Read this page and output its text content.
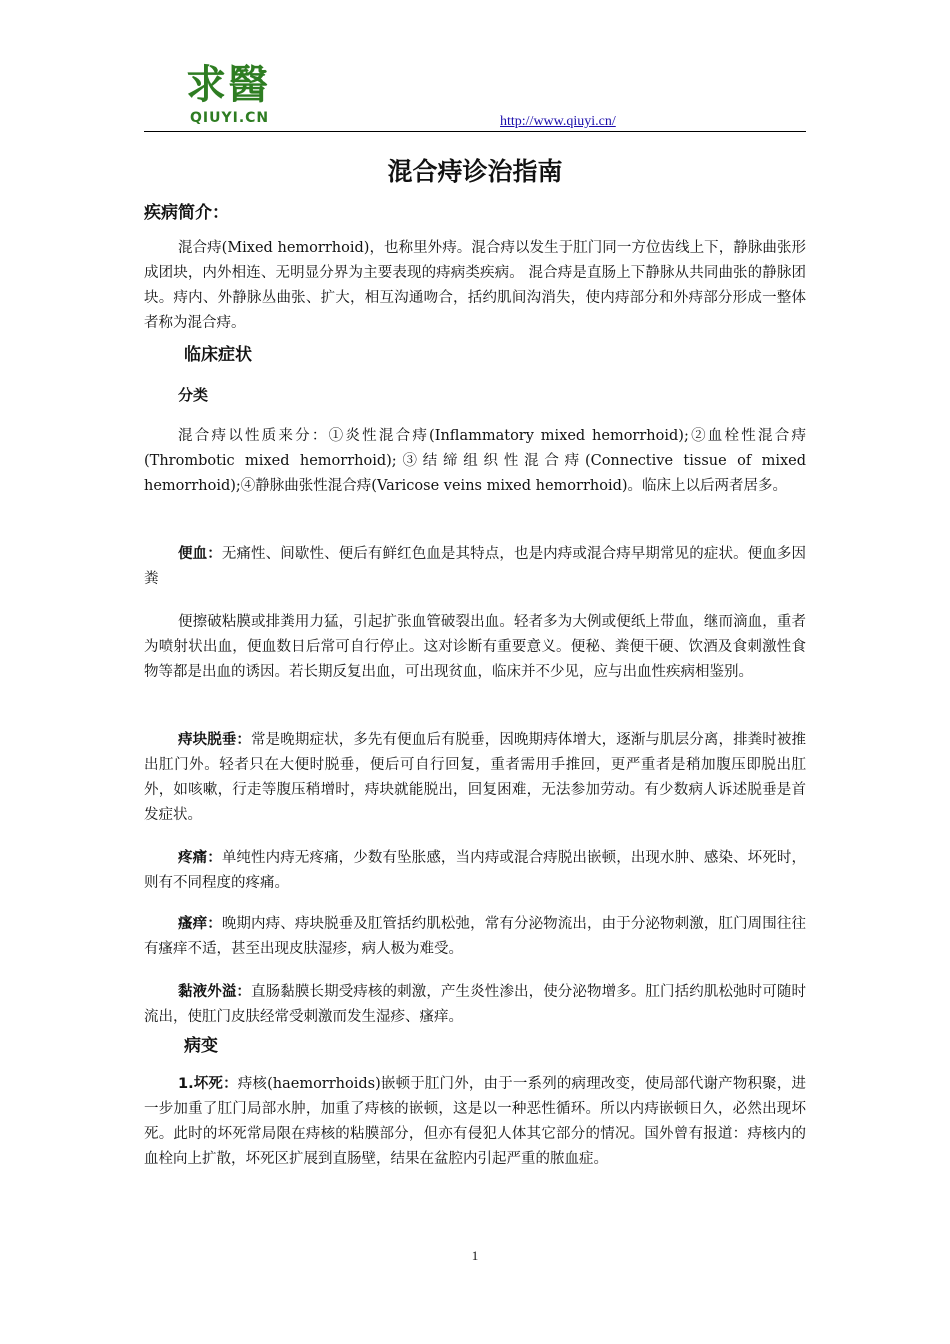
求醫
QIUYI.CN	http://www.qiuyi.cn/
混合痔诊治指南
疾病简介：
混合痔(Mixed hemorrhoid)，也称里外痔。混合痔以发生于肛门同一方位齿线上下，静脉曲张形成团块，内外相连、无明显分界为主要表现的痔病类疾病。 混合痔是直肠上下静脉从共同曲张的静脉团块。痔内、外静脉丛曲张、扩大，相互沟通吻合，括约肌间沟消失，使内痔部分和外痔部分形成一整体者称为混合痔。
临床症状
分类
混合痔以性质来分：①炎性混合痔(Inflammatory mixed hemorrhoid);②血栓性混合痔(Thrombotic mixed hemorrhoid);③结缔组织性混合痔(Connective tissue of mixed hemorrhoid);④静脉曲张性混合痔(Varicose veins mixed hemorrhoid)。临床上以后两者居多。
便血：无痛性、间歇性、便后有鲜红色血是其特点，也是内痔或混合痔早期常见的症状。便血多因粪
便擦破粘膜或排粪用力猛，引起扩张血管破裂出血。轻者多为大例或便纸上带血，继而滴血，重者为喷射状出血，便血数日后常可自行停止。这对诊断有重要意义。便秘、粪便干硬、饮酒及食刺激性食物等都是出血的诱因。若长期反复出血，可出现贫血，临床并不少见，应与出血性疾病相鉴别。
痔块脱垂：常是晚期症状，多先有便血后有脱垂，因晚期痔体增大，逐渐与肌层分离，排粪时被推出肛门外。轻者只在大便时脱垂，便后可自行回复，重者需用手推回，更严重者是稍加腹压即脱出肛外，如咳嗽，行走等腹压稍增时，痔块就能脱出，回复困难，无法参加劳动。有少数病人诉述脱垂是首发症状。
疼痛：单纯性内痔无疼痛，少数有坠胀感，当内痔或混合痔脱出嵌顿，出现水肿、感染、坏死时，则有不同程度的疼痛。
瘙痒：晚期内痔、痔块脱垂及肛管括约肌松弛，常有分泌物流出，由于分泌物刺激，肛门周围往往有瘙痒不适，甚至出现皮肤湿疹，病人极为难受。
黏液外溢：直肠黏膜长期受痔核的刺激，产生炎性渗出，使分泌物增多。肛门括约肌松弛时可随时流出，使肛门皮肤经常受刺激而发生湿疹、瘙痒。
病变
1.坏死：痔核(haemorrhoids)嵌顿于肛门外，由于一系列的病理改变，使局部代谢产物积聚，进一步加重了肛门局部水肿，加重了痔核的嵌顿，这是以一种恶性循环。所以内痔嵌顿日久，必然出现坏死。此时的坏死常局限在痔核的粘膜部分，但亦有侵犯人体其它部分的情况。国外曾有报道：痔核内的血栓向上扩散，坏死区扩展到直肠壁，结果在盆腔内引起严重的脓血症。
1
